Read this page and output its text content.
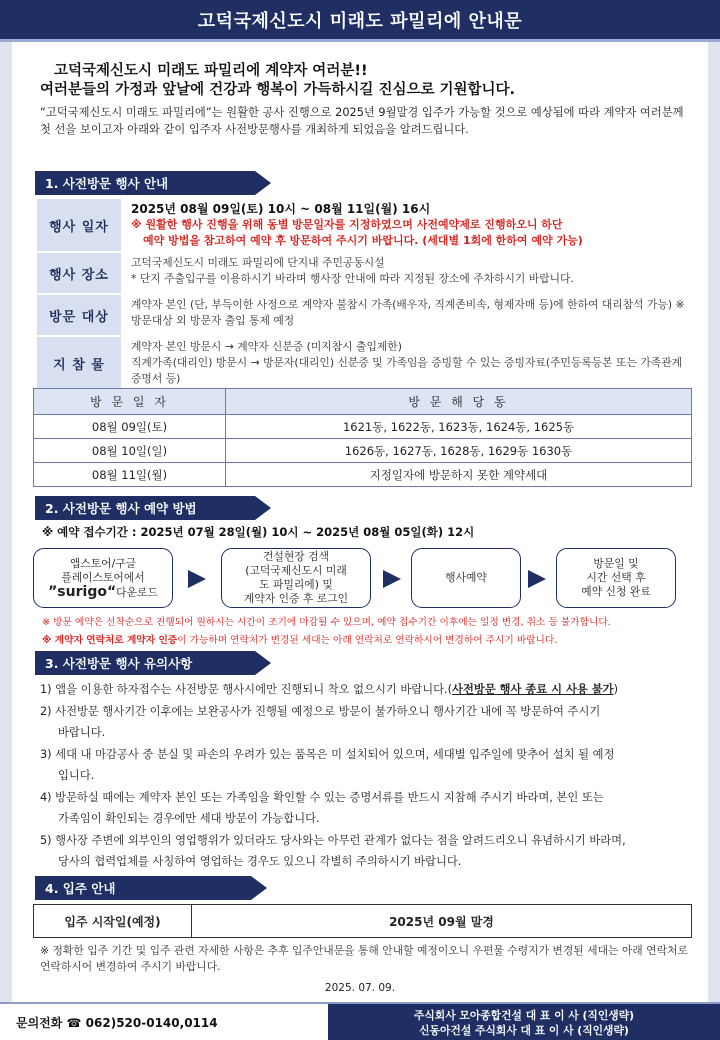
고덕국제신도시 미래도 파밀리에 안내문
고덕국제신도시 미래도 파밀리에 계약자 여러분!!
여러분들의 가정과 앞날에 건강과 행복이 가득하시길 진심으로 기원합니다.
“고덕국제신도시 미래도 파밀리에”는 원활한 공사 진행으로 2025년 9월말경 입주가 가능할 것으로 예상됨에 따라 계약자 여러분께 첫 선을 보이고자 아래와 같이 입주자 사전방문행사를 개최하게 되었음을 알려드립니다.
1. 사전방문 행사 안내
행사 일자	2025년 08월 09일(토) 10시 ~ 08월 11일(월) 16시
※ 원활한 행사 진행을 위해 동별 방문일자를 지정하였으며 사전예약제로 진행하오니 하단
예약 방법을 참고하여 예약 후 방문하여 주시기 바랍니다. (세대별 1회에 한하여 예약 가능)

행사 장소	고덕국제신도시 미래도 파밀리에 단지내 주민공동시설
* 단지 주출입구를 이용하시기 바라며 행사장 안내에 따라 지정된 장소에 주차하시기 바랍니다.

방문 대상	계약자 본인 (단, 부득이한 사정으로 계약자 불참시 가족(배우자, 직계존비속, 형제자매 등)에 한하여 대리참석 가능) ※ 방문대상 외 방문자 출입 통제 예정
지 참 물	계약자 본인 방문시 → 계약자 신분증 (미지참시 출입제한)
직계가족(대리인) 방문시 → 방문자(대리인) 신분증 및 가족임을 증빙할 수 있는 증빙자료(주민등록등본 또는 가족관계증명서 등)
방 문 일 자	방 문 해 당 동
08월 09일(토)	1621동, 1622동, 1623동, 1624동, 1625동
08월 10일(일)	1626동, 1627동, 1628동, 1629동 1630동
08월 11일(월)	지정일자에 방문하지 못한 계약세대
2. 사전방문 행사 예약 방법
※ 예약 접수기간 : 2025년 07월 28일(월) 10시 ~ 2025년 08월 05일(화) 12시
앱스토어/구글
플레이스토어에서
”surigo“다운로드
건설현장 검색
(고덕국제신도시 미래
도 파밀리에) 및
계약자 인증 후 로그인
행사예약
방문일 및
시간 선택 후
예약 신청 완료
※ 방문 예약은 선착순으로 진행되어 원하시는 시간이 조기에 마감될 수 있으며, 예약 접수기간 이후에는 일정 변경, 취소 등 불가합니다.
※ 계약자 연락처로 계약자 인증이 가능하며 연락처가 변경된 세대는 아래 연락처로 연락하시어 변경하여 주시기 바랍니다.
3. 사전방문 행사 유의사항
1) 앱을 이용한 하자접수는 사전방문 행사시에만 진행되니 착오 없으시기 바랍니다.(사전방문 행사 종료 시 사용 불가)
2) 사전방문 행사기간 이후에는 보완공사가 진행될 예정으로 방문이 불가하오니 행사기간 내에 꼭 방문하여 주시기
바랍니다.
3) 세대 내 마감공사 중 분실 및 파손의 우려가 있는 품목은 미 설치되어 있으며, 세대별 입주일에 맞추어 설치 될 예정
입니다.
4) 방문하실 때에는 계약자 본인 또는 가족임을 확인할 수 있는 증명서류를 반드시 지참해 주시기 바라며, 본인 또는
가족임이 확인되는 경우에만 세대 방문이 가능합니다.
5) 행사장 주변에 외부인의 영업행위가 있더라도 당사와는 아무런 관계가 없다는 점을 알려드리오니 유념하시기 바라며,
당사의 협력업체를 사칭하여 영업하는 경우도 있으니 각별히 주의하시기 바랍니다.
4. 입주 안내
입주 시작일(예정)	2025년 09월 말경
※ 정확한 입주 기간 및 입주 관련 자세한 사항은 추후 입주안내문을 통해 안내할 예정이오니 우편물 수령지가 변경된 세대는 아래 연락처로 연락하시어 변경하여 주시기 바랍니다.
2025. 07. 09.
문의전화 ☎ 062)520-0140,0114
주식회사 모아종합건설 대 표 이 사 (직인생략)
신동아건설 주식회사 대 표 이 사 (직인생략)
